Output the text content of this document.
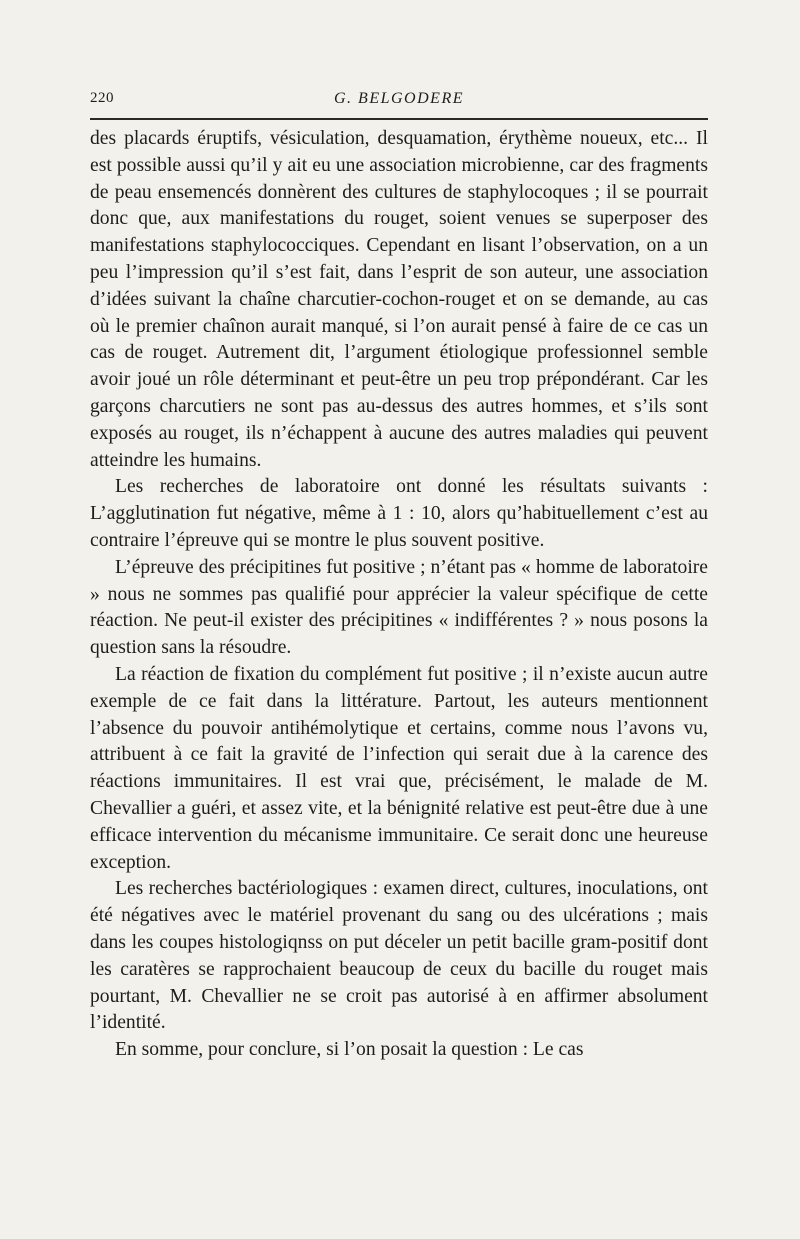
220	G. BELGODERE

des placards éruptifs, vésiculation, desquamation, érythème noueux, etc... Il est possible aussi qu’il y ait eu une association microbienne, car des fragments de peau ensemencés donnèrent des cultures de staphylocoques ; il se pourrait donc que, aux manifestations du rouget, soient venues se superposer des manifestations staphylococciques. Cependant en lisant l’observation, on a un peu l’impression qu’il s’est fait, dans l’esprit de son auteur, une association d’idées suivant la chaîne charcutier-cochon-rouget et on se demande, au cas où le premier chaînon aurait manqué, si l’on aurait pensé à faire de ce cas un cas de rouget. Autrement dit, l’argument étiologique professionnel semble avoir joué un rôle déterminant et peut-être un peu trop prépondérant. Car les garçons charcutiers ne sont pas au-dessus des autres hommes, et s’ils sont exposés au rouget, ils n’échappent à aucune des autres maladies qui peuvent atteindre les humains.

Les recherches de laboratoire ont donné les résultats suivants : L’agglutination fut négative, même à 1 : 10, alors qu’habituellement c’est au contraire l’épreuve qui se montre le plus souvent positive.

L’épreuve des précipitines fut positive ; n’étant pas « homme de laboratoire » nous ne sommes pas qualifié pour apprécier la valeur spécifique de cette réaction. Ne peut-il exister des précipitines « indifférentes ? » nous posons la question sans la résoudre.

La réaction de fixation du complément fut positive ; il n’existe aucun autre exemple de ce fait dans la littérature. Partout, les auteurs mentionnent l’absence du pouvoir antihémolytique et certains, comme nous l’avons vu, attribuent à ce fait la gravité de l’infection qui serait due à la carence des réactions immunitaires. Il est vrai que, précisément, le malade de M. Chevallier a guéri, et assez vite, et la bénignité relative est peut-être due à une efficace intervention du mécanisme immunitaire. Ce serait donc une heureuse exception.

Les recherches bactériologiques : examen direct, cultures, inoculations, ont été négatives avec le matériel provenant du sang ou des ulcérations ; mais dans les coupes histologiqnss on put déceler un petit bacille gram-positif dont les caratères se rapprochaient beaucoup de ceux du bacille du rouget mais pourtant, M. Chevallier ne se croit pas autorisé à en affirmer absolument l’identité.

En somme, pour conclure, si l’on posait la question : Le cas
